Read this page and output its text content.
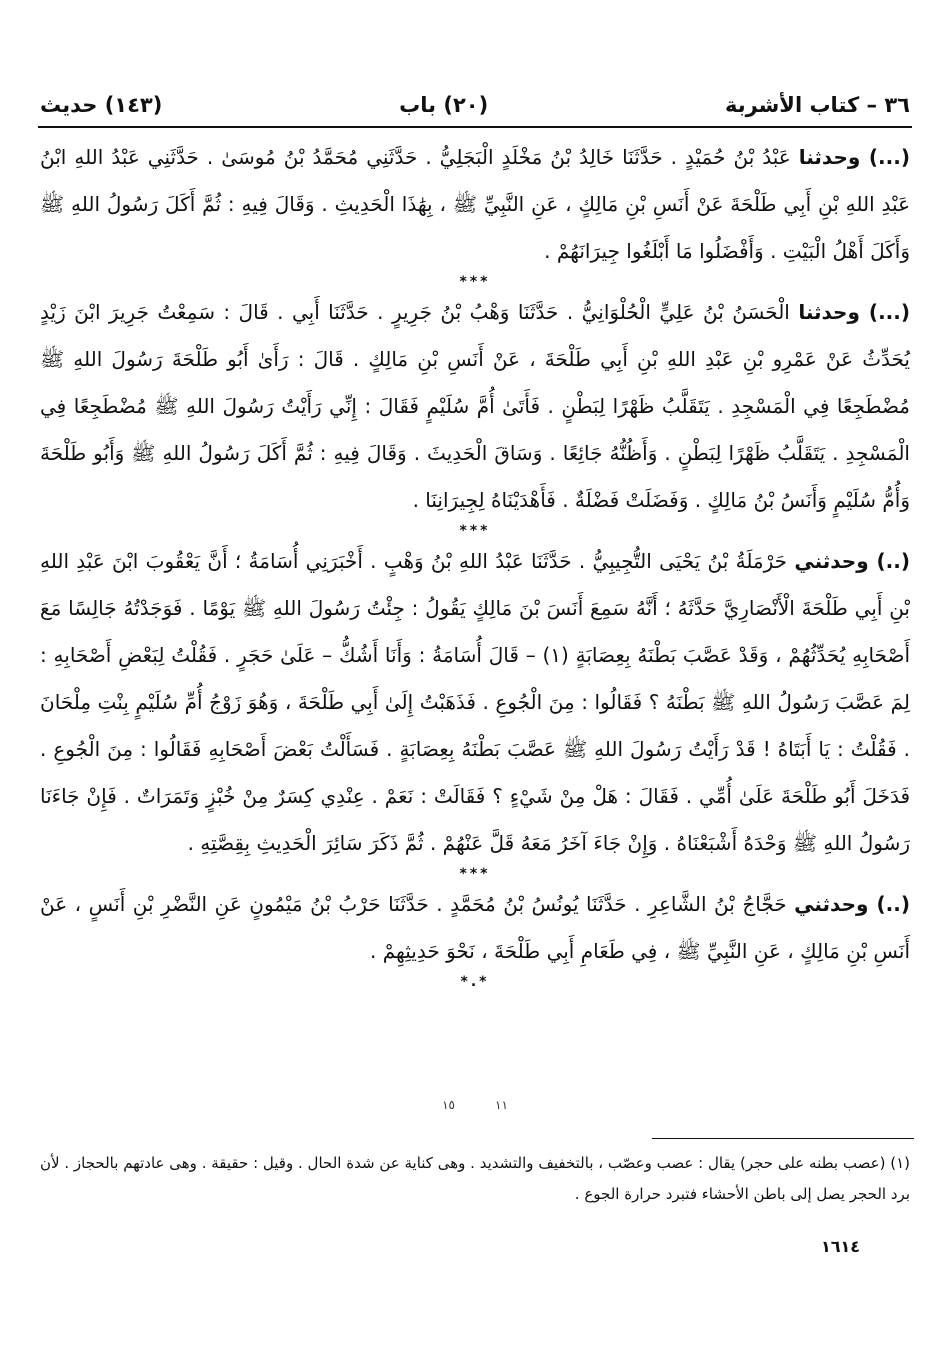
٣٦ – كتاب الأشربة
(٢٠) باب
(١٤٣) حديث

(...) وحدثنا عَبْدُ بْنُ حُمَيْدٍ . حَدَّثَنَا خَالِدُ بْنُ مَخْلَدٍ الْبَجَلِيُّ . حَدَّثَنِي مُحَمَّدُ بْنُ مُوسَىٰ . حَدَّثَنِي عَبْدُ اللهِ ابْنُ عَبْدِ اللهِ بْنِ أَبِي طَلْحَةَ عَنْ أَنَسِ بْنِ مَالِكٍ ، عَنِ النَّبِيِّ ﷺ ، بِهَٰذَا الْحَدِيثِ . وَقَالَ فِيهِ : ثُمَّ أَكَلَ رَسُولُ اللهِ ﷺ وَأَكَلَ أَهْلُ الْبَيْتِ . وَأَفْضَلُوا مَا أَبْلَغُوا جِيرَانَهُمْ .

***

(...) وحدثنا الْحَسَنُ بْنُ عَلِيٍّ الْحُلْوَانِيُّ . حَدَّثَنَا وَهْبُ بْنُ جَرِيرٍ . حَدَّثَنَا أَبِي . قَالَ : سَمِعْتُ جَرِيرَ ابْنَ زَيْدٍ يُحَدِّثُ عَنْ عَمْرِو بْنِ عَبْدِ اللهِ بْنِ أَبِي طَلْحَةَ ، عَنْ أَنَسِ بْنِ مَالِكٍ . قَالَ : رَأَىٰ أَبُو طَلْحَةَ رَسُولَ اللهِ ﷺ مُضْطَجِعًا فِي الْمَسْجِدِ . يَتَقَلَّبُ ظَهْرًا لِبَطْنٍ . فَأَتَىٰ أُمَّ سُلَيْمٍ فَقَالَ : إِنِّي رَأَيْتُ رَسُولَ اللهِ ﷺ مُضْطَجِعًا فِي الْمَسْجِدِ . يَتَقَلَّبُ ظَهْرًا لِبَطْنٍ . وَأَظُنُّهُ جَائِعًا . وَسَاقَ الْحَدِيثَ . وَقَالَ فِيهِ : ثُمَّ أَكَلَ رَسُولُ اللهِ ﷺ وَأَبُو طَلْحَةَ وَأُمُّ سُلَيْمٍ وَأَنَسُ بْنُ مَالِكٍ . وَفَضَلَتْ فَضْلَةٌ . فَأَهْدَيْنَاهُ لِجِيرَانِنَا .

***

(..) وحدثني حَرْمَلَةُ بْنُ يَحْيَى التُّجِيبِيُّ . حَدَّثَنَا عَبْدُ اللهِ بْنُ وَهْبٍ . أَخْبَرَنِي أُسَامَةُ ؛ أَنَّ يَعْقُوبَ ابْنَ عَبْدِ اللهِ بْنِ أَبِي طَلْحَةَ الْأَنْصَارِيَّ حَدَّثَهُ ؛ أَنَّهُ سَمِعَ أَنَسَ بْنَ مَالِكٍ يَقُولُ : جِئْتُ رَسُولَ اللهِ ﷺ يَوْمًا . فَوَجَدْتُهُ جَالِسًا مَعَ أَصْحَابِهِ يُحَدِّثُهُمْ ، وَقَدْ عَصَّبَ بَطْنَهُ بِعِصَابَةٍ (١) – قَالَ أُسَامَةُ : وَأَنَا أَشُكُّ – عَلَىٰ حَجَرٍ . فَقُلْتُ لِبَعْضِ أَصْحَابِهِ : لِمَ عَصَّبَ رَسُولُ اللهِ ﷺ بَطْنَهُ ؟ فَقَالُوا : مِنَ الْجُوعِ . فَذَهَبْتُ إِلَىٰ أَبِي طَلْحَةَ ، وَهُوَ زَوْجُ أُمِّ سُلَيْمٍ بِنْتِ مِلْحَانَ . فَقُلْتُ : يَا أَبَتَاهُ ! قَدْ رَأَيْتُ رَسُولَ اللهِ ﷺ عَصَّبَ بَطْنَهُ بِعِصَابَةٍ . فَسَأَلْتُ بَعْضَ أَصْحَابِهِ فَقَالُوا : مِنَ الْجُوعِ . فَدَخَلَ أَبُو طَلْحَةَ عَلَىٰ أُمِّي . فَقَالَ : هَلْ مِنْ شَيْءٍ ؟ فَقَالَتْ : نَعَمْ . عِنْدِي كِسَرٌ مِنْ خُبْزٍ وَتَمَرَاتٌ . فَإِنْ جَاءَنَا رَسُولُ اللهِ ﷺ وَحْدَهُ أَشْبَعْنَاهُ . وَإِنْ جَاءَ آخَرُ مَعَهُ قَلَّ عَنْهُمْ . ثُمَّ ذَكَرَ سَائِرَ الْحَدِيثِ بِقِصَّتِهِ .

***

(..) وحدثني حَجَّاجُ بْنُ الشَّاعِرِ . حَدَّثَنَا يُونُسُ بْنُ مُحَمَّدٍ . حَدَّثَنَا حَرْبُ بْنُ مَيْمُونٍ عَنِ النَّضْرِ بْنِ أَنَسٍ ، عَنْ أَنَسِ بْنِ مَالِكٍ ، عَنِ النَّبِيِّ ﷺ ، فِي طَعَامِ أَبِي طَلْحَةَ ، نَحْوَ حَدِيثِهِمْ .

*.*

١٥	١١

(١) (عصب بطنه على حجر) يقال : عصب وعصّب ، بالتخفيف والتشديد . وهى كناية عن شدة الحال . وقيل : حقيقة . وهى عادتهم بالحجاز . لأن برد الحجر يصل إلى باطن الأحشاء فتبرد حرارة الجوع .

١٦١٤
